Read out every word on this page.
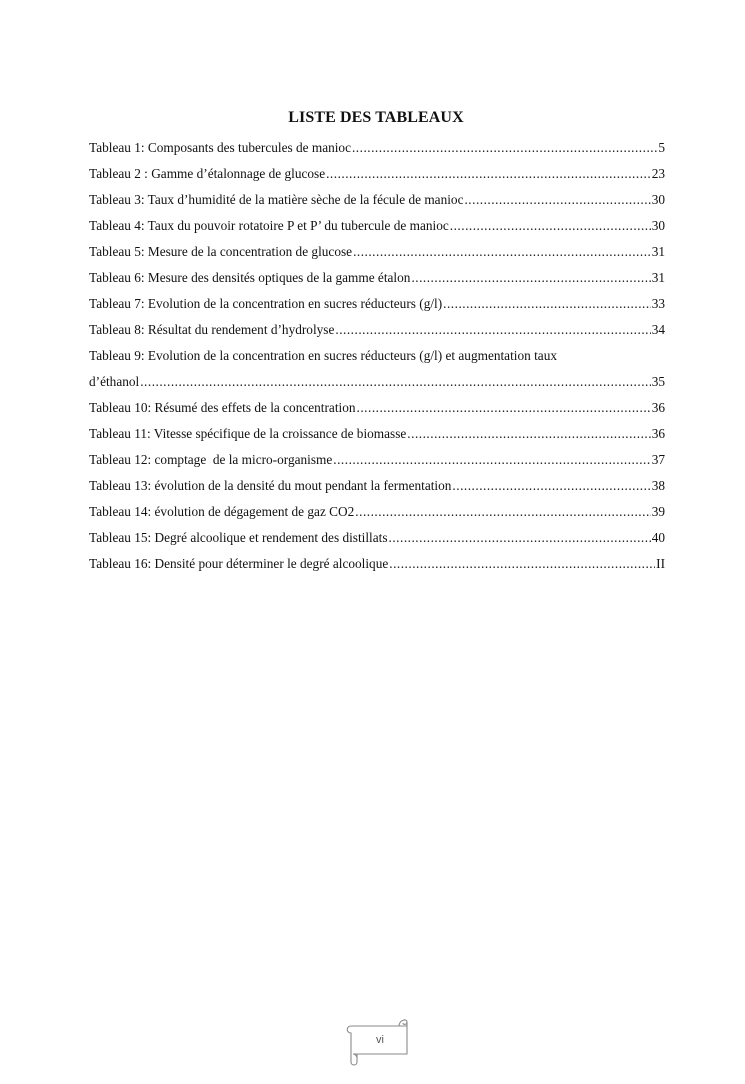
LISTE DES TABLEAUX
Tableau 1: Composants des tubercules de manioc .....	5
Tableau 2 : Gamme d’étalonnage de glucose .....	23
Tableau 3: Taux d’humidité de la matière sèche de la fécule de manioc .....	30
Tableau 4: Taux du pouvoir rotatoire P et P’ du tubercule de manioc .....	30
Tableau 5: Mesure de la concentration de glucose .....	31
Tableau 6: Mesure des densités optiques de la gamme étalon .....	31
Tableau 7: Evolution de la concentration en sucres réducteurs (g/l) .....	33
Tableau 8: Résultat du rendement d’hydrolyse .....	34
Tableau 9: Evolution de la concentration en sucres réducteurs (g/l) et augmentation taux
d’éthanol .....	35
Tableau 10: Résumé des effets de la concentration .....	36
Tableau 11: Vitesse spécifique de la croissance de biomasse .....	36
Tableau 12: comptage  de la micro-organisme .....	37
Tableau 13: évolution de la densité du mout pendant la fermentation .....	38
Tableau 14: évolution de dégagement de gaz CO2 .....	39
Tableau 15: Degré alcoolique et rendement des distillats .....	40
Tableau 16: Densité pour déterminer le degré alcoolique .....	II
vi
